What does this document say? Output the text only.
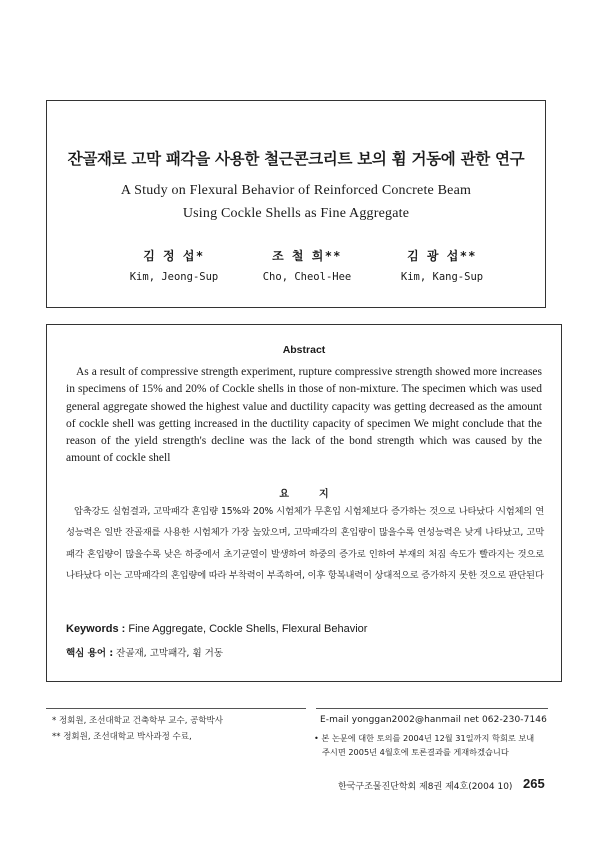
잔골재로 고막 패각을 사용한 철근콘크리트 보의 휨 거동에 관한 연구
A Study on Flexural Behavior of Reinforced Concrete Beam
Using Cockle Shells as Fine Aggregate
김 정 섭*
Kim, Jeong-Sup
조 철 희**
Cho, Cheol-Hee
김 광 섭**
Kim, Kang-Sup
Abstract
As a result of compressive strength experiment, rupture compressive strength showed more increases in specimens of 15% and 20% of Cockle shells in those of non-mixture. The specimen which was used general aggregate showed the highest value and ductility capacity was getting decreased as the amount of cockle shell was getting increased in the ductility capacity of specimen We might conclude that the reason of the yield strength's decline was the lack of the bond strength which was caused by the amount of cockle shell
요지
압축강도 실험결과, 고막패각 혼입량 15%와 20% 시험체가 무혼입 시험체보다 증가하는 것으로 나타났다 시험체의 연성능력은 일반 잔골재를 사용한 시험체가 가장 높았으며, 고막패각의 혼입량이 많을수록 연성능력은 낮게 나타났고, 고막패각 혼입량이 많을수록 낮은 하중에서 초기균열이 발생하여 하중의 증가로 인하여 부재의 처짐 속도가 빨라지는 것으로 나타났다 이는 고막패각의 혼입량에 따라 부착력이 부족하여, 이후 항복내력이 상대적으로 증가하지 못한 것으로 판단된다
Keywords : Fine Aggregate, Cockle Shells, Flexural Behavior
핵심 용어 : 잔골재, 고막패각, 휨 거동
* 정회원, 조선대학교 건축학부 교수, 공학박사
** 정회원, 조선대학교 박사과정 수료,
E-mail yonggan2002@hanmail net 062-230-7146
• 본 논문에 대한 토의를 2004년 12월 31일까지 학회로 보내
주시면 2005년 4월호에 토론결과를 게재하겠습니다
한국구조물진단학회 제8권 제4호(2004 10) 265
